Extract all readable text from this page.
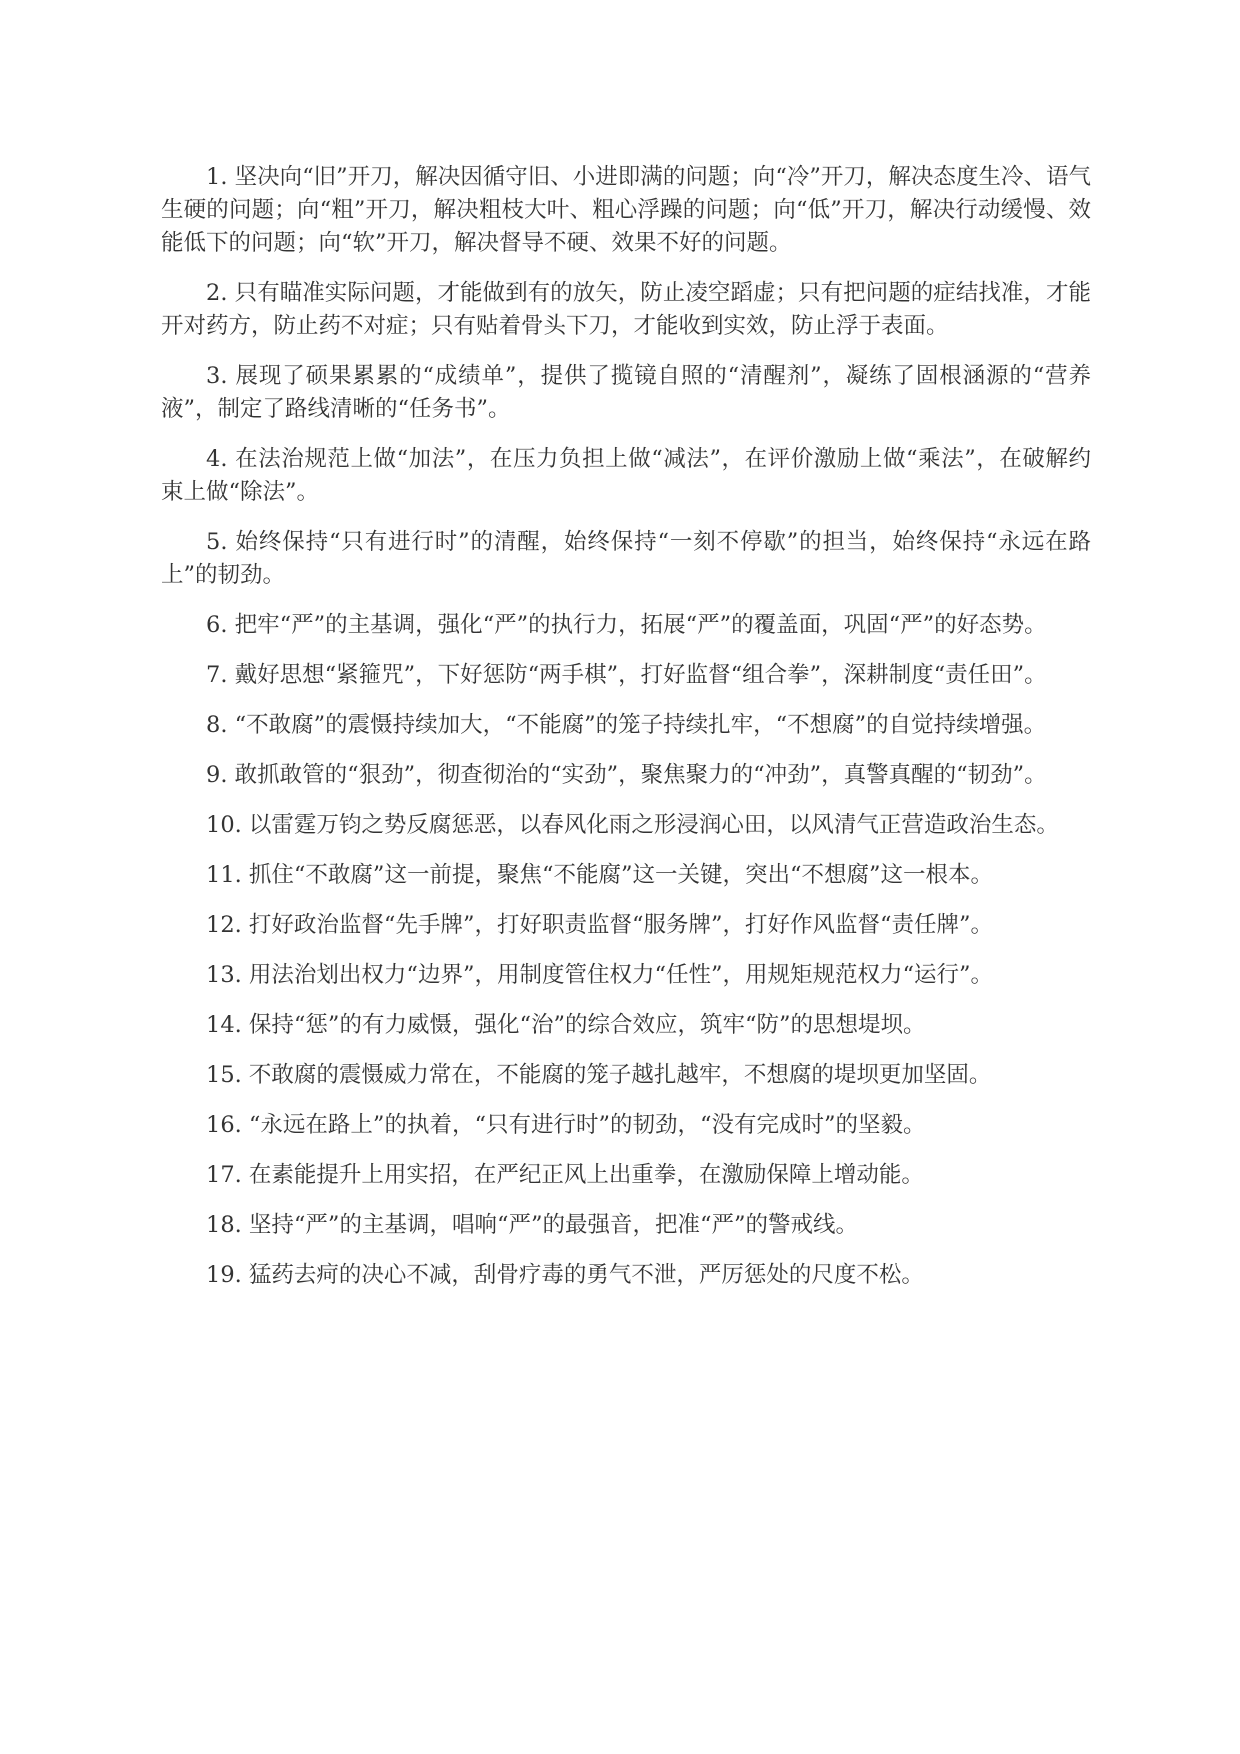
1. 坚决向“旧”开刀，解决因循守旧、小进即满的问题；向“冷”开刀，解决态度生冷、语气生硬的问题；向“粗”开刀，解决粗枝大叶、粗心浮躁的问题；向“低”开刀，解决行动缓慢、效能低下的问题；向“软”开刀，解决督导不硬、效果不好的问题。

2. 只有瞄准实际问题，才能做到有的放矢，防止凌空蹈虚；只有把问题的症结找准，才能开对药方，防止药不对症；只有贴着骨头下刀，才能收到实效，防止浮于表面。

3. 展现了硕果累累的“成绩单”，提供了揽镜自照的“清醒剂”，凝练了固根涵源的“营养液”，制定了路线清晰的“任务书”。

4. 在法治规范上做“加法”，在压力负担上做“减法”，在评价激励上做“乘法”，在破解约束上做“除法”。

5. 始终保持“只有进行时”的清醒，始终保持“一刻不停歇”的担当，始终保持“永远在路上”的韧劲。

6. 把牢“严”的主基调，强化“严”的执行力，拓展“严”的覆盖面，巩固“严”的好态势。

7. 戴好思想“紧箍咒”，下好惩防“两手棋”，打好监督“组合拳”，深耕制度“责任田”。

8. “不敢腐”的震慑持续加大，“不能腐”的笼子持续扎牢，“不想腐”的自觉持续增强。

9. 敢抓敢管的“狠劲”，彻查彻治的“实劲”，聚焦聚力的“冲劲”，真警真醒的“韧劲”。

10. 以雷霆万钧之势反腐惩恶，以春风化雨之形浸润心田，以风清气正营造政治生态。

11. 抓住“不敢腐”这一前提，聚焦“不能腐”这一关键，突出“不想腐”这一根本。

12. 打好政治监督“先手牌”，打好职责监督“服务牌”，打好作风监督“责任牌”。

13. 用法治划出权力“边界”，用制度管住权力“任性”，用规矩规范权力“运行”。

14. 保持“惩”的有力威慑，强化“治”的综合效应，筑牢“防”的思想堤坝。

15. 不敢腐的震慑威力常在，不能腐的笼子越扎越牢，不想腐的堤坝更加坚固。

16. “永远在路上”的执着，“只有进行时”的韧劲，“没有完成时”的坚毅。

17. 在素能提升上用实招，在严纪正风上出重拳，在激励保障上增动能。

18. 坚持“严”的主基调，唱响“严”的最强音，把准“严”的警戒线。

19. 猛药去疴的决心不减，刮骨疗毒的勇气不泄，严厉惩处的尺度不松。
